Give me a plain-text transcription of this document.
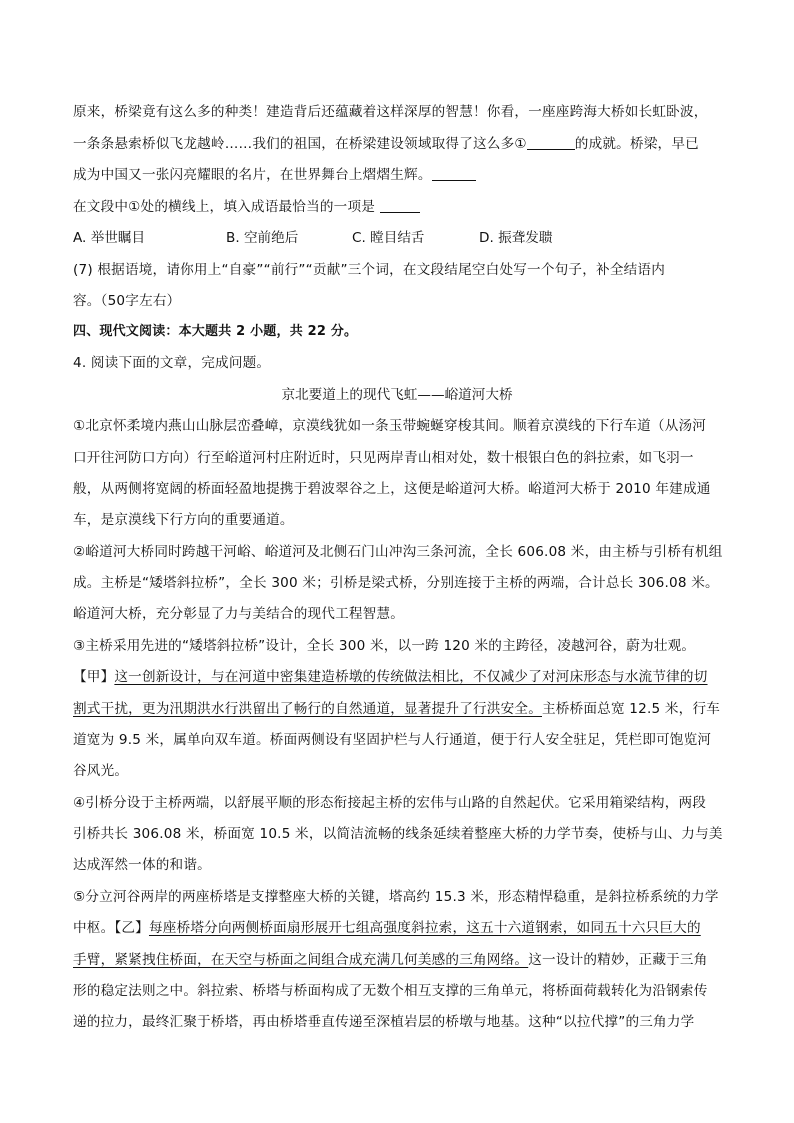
原来，桥梁竟有这么多的种类！建造背后还蕴藏着这样深厚的智慧！你看，一座座跨海大桥如长虹卧波，
一条条悬索桥似飞龙越岭……我们的祖国，在桥梁建设领域取得了这么多①	的成就。桥梁，早已
成为中国又一张闪亮耀眼的名片，在世界舞台上熠熠生辉。
在文段中①处的横线上，填入成语最恰当的一项是
A. 举世瞩目	B. 空前绝后	C. 瞠目结舌	D. 振聋发聩
(7) 根据语境，请你用上“自豪”“前行”“贡献”三个词，在文段结尾空白处写一个句子，补全结语内
容。（50字左右）
四、现代文阅读：本大题共 2 小题，共 22 分。
4. 阅读下面的文章，完成问题。
京北要道上的现代飞虹——峪道河大桥
①北京怀柔境内燕山山脉层峦叠嶂，京漠线犹如一条玉带蜿蜒穿梭其间。顺着京漠线的下行车道（从汤河
口开往河防口方向）行至峪道河村庄附近时，只见两岸青山相对处，数十根银白色的斜拉索，如飞羽一
般，从两侧将宽阔的桥面轻盈地提携于碧波翠谷之上，这便是峪道河大桥。峪道河大桥于 2010 年建成通
车，是京漠线下行方向的重要通道。
②峪道河大桥同时跨越干河峪、峪道河及北侧石门山冲沟三条河流，全长 606.08 米，由主桥与引桥有机组
成。主桥是“矮塔斜拉桥”，全长 300 米；引桥是梁式桥，分别连接于主桥的两端，合计总长 306.08 米。
峪道河大桥，充分彰显了力与美结合的现代工程智慧。
③主桥采用先进的“矮塔斜拉桥”设计，全长 300 米，以一跨 120 米的主跨径，凌越河谷，蔚为壮观。
【甲】这一创新设计，与在河道中密集建造桥墩的传统做法相比，不仅减少了对河床形态与水流节律的切
割式干扰，更为汛期洪水行洪留出了畅行的自然通道，显著提升了行洪安全。主桥桥面总宽 12.5 米，行车
道宽为 9.5 米，属单向双车道。桥面两侧设有坚固护栏与人行通道，便于行人安全驻足，凭栏即可饱览河
谷风光。
④引桥分设于主桥两端，以舒展平顺的形态衔接起主桥的宏伟与山路的自然起伏。它采用箱梁结构，两段
引桥共长 306.08 米，桥面宽 10.5 米，以简洁流畅的线条延续着整座大桥的力学节奏，使桥与山、力与美
达成浑然一体的和谐。
⑤分立河谷两岸的两座桥塔是支撑整座大桥的关键，塔高约 15.3 米，形态精悍稳重，是斜拉桥系统的力学
中枢。【乙】每座桥塔分向两侧桥面扇形展开七组高强度斜拉索，这五十六道钢索，如同五十六只巨大的
手臂，紧紧拽住桥面，在天空与桥面之间组合成充满几何美感的三角网络。这一设计的精妙，正藏于三角
形的稳定法则之中。斜拉索、桥塔与桥面构成了无数个相互支撑的三角单元，将桥面荷载转化为沿钢索传
递的拉力，最终汇聚于桥塔，再由桥塔垂直传递至深植岩层的桥墩与地基。这种“以拉代撑”的三角力学
